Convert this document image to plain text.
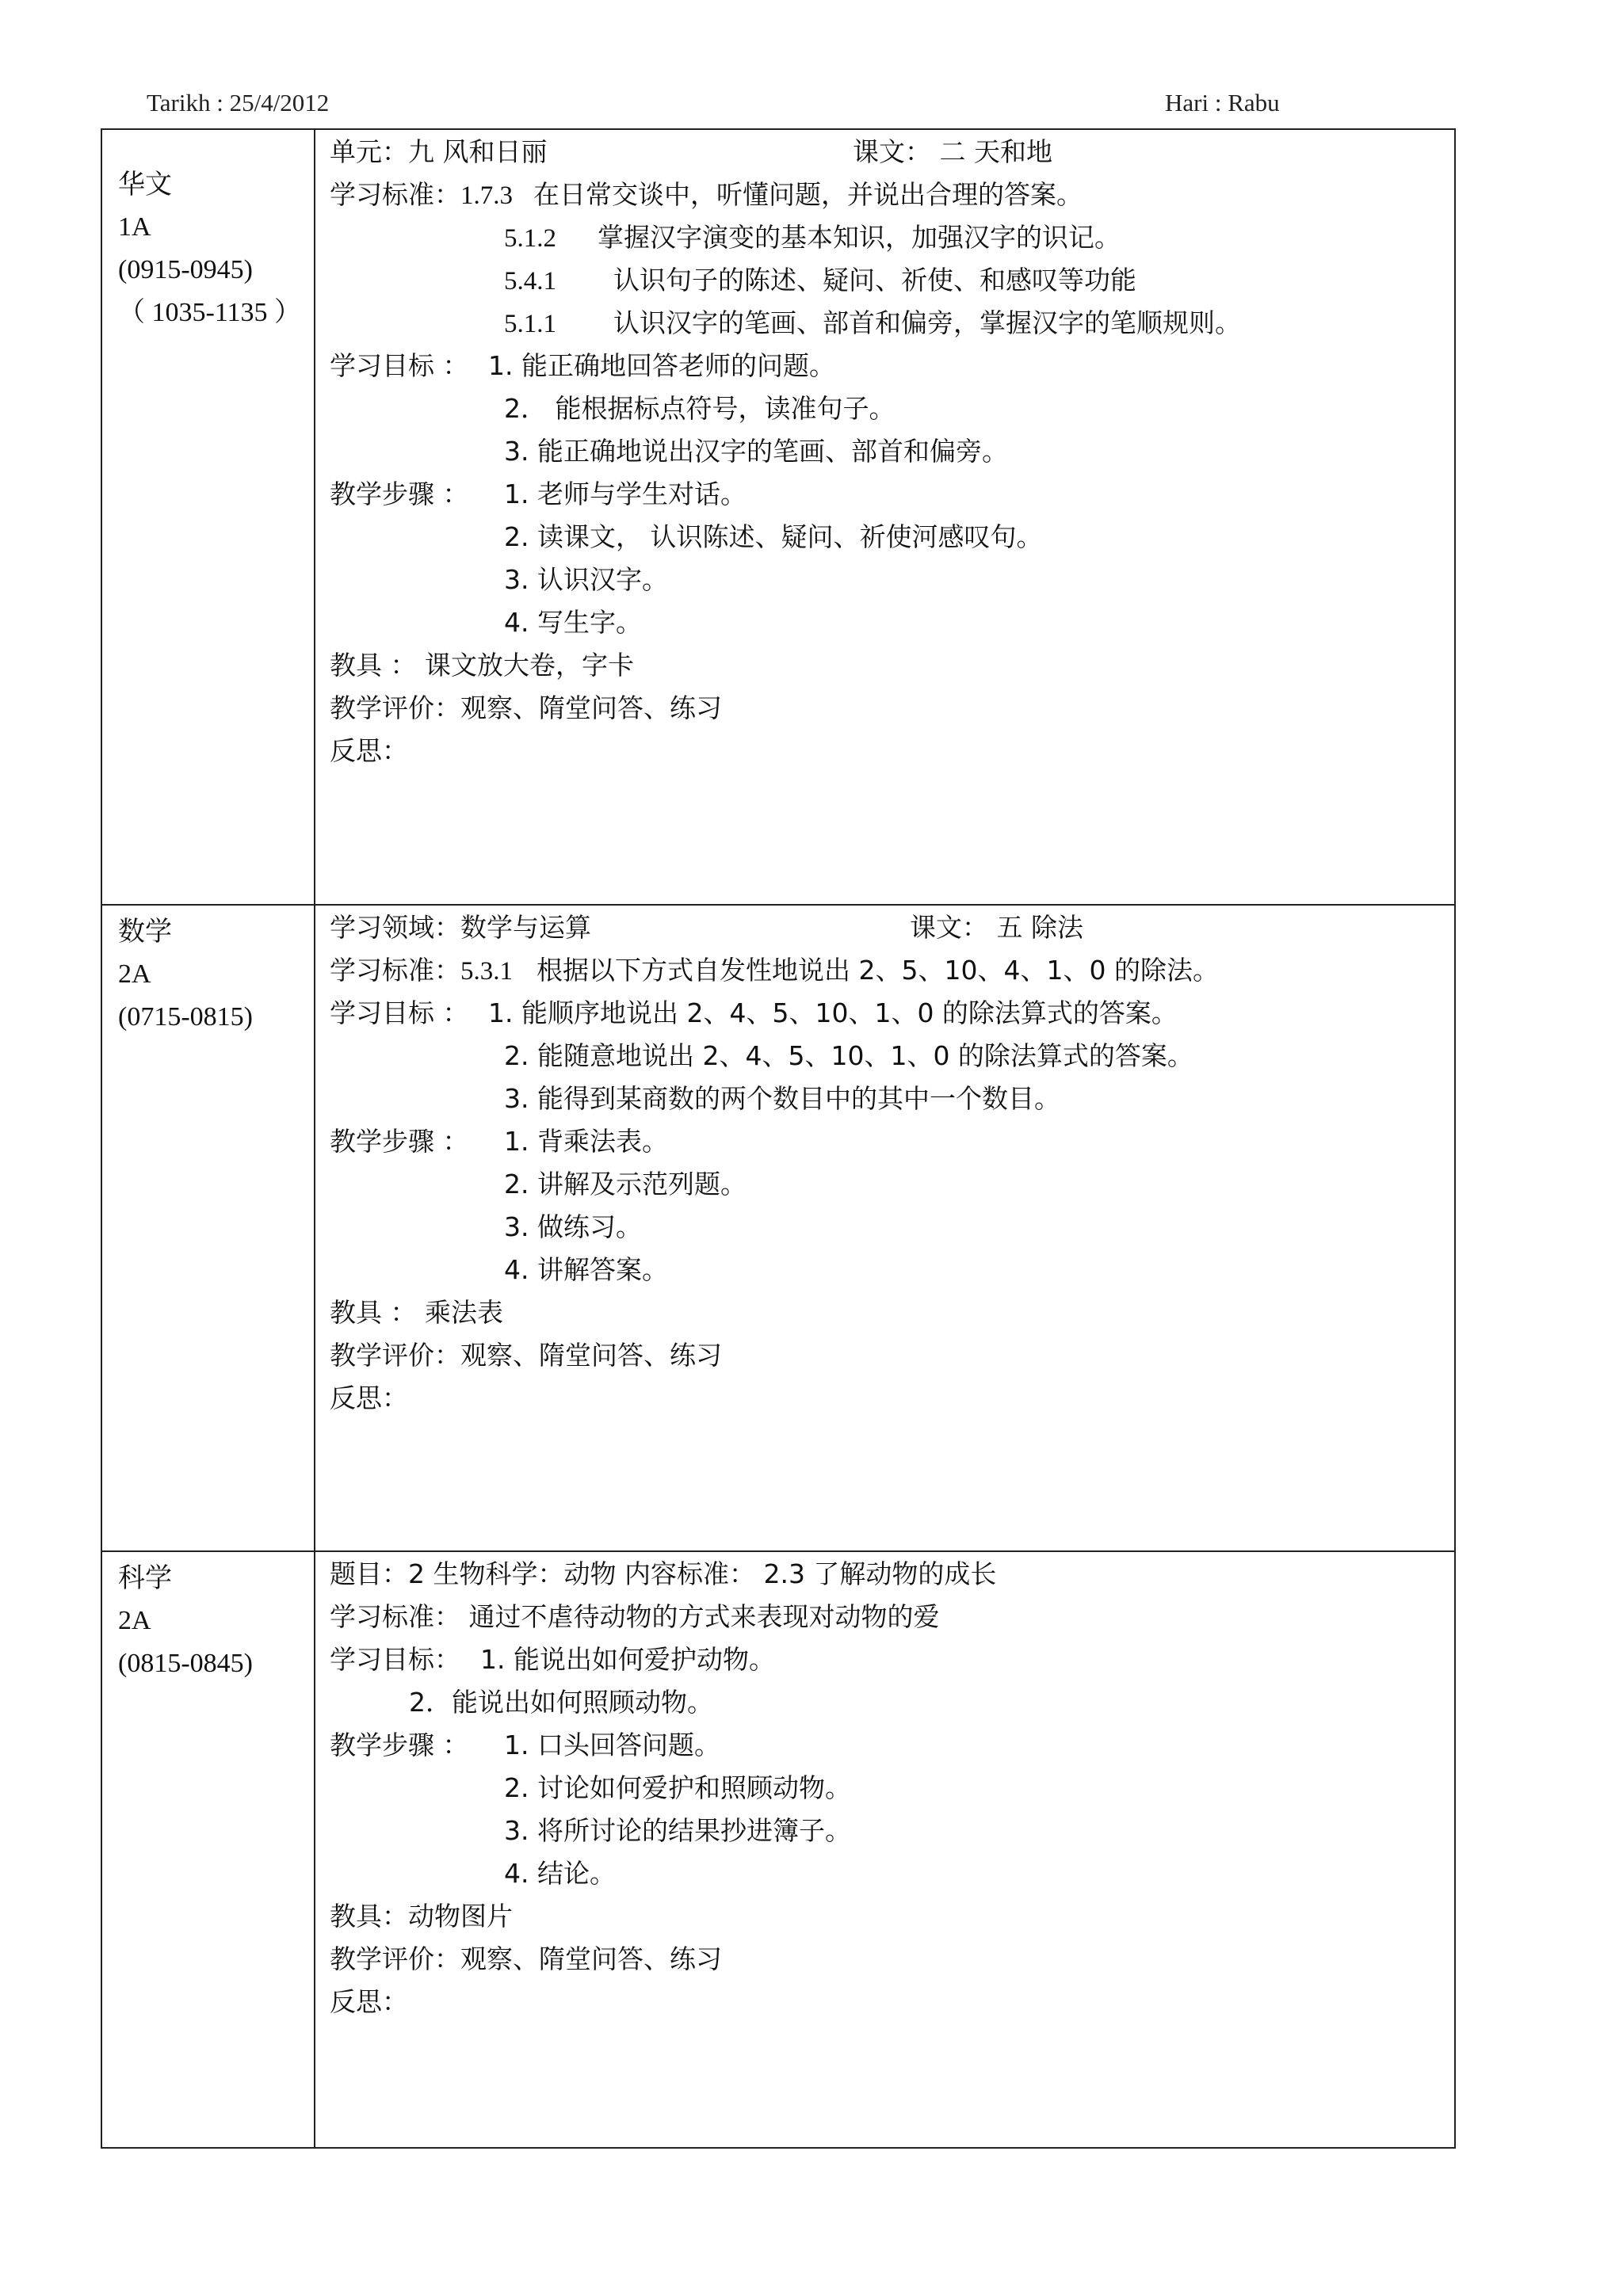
Tarikh : 25/4/2012	Hari : Rabu
华文
1A
(0915-0945)
（ 1035-1135 ）
单元：九 风和日丽	课文： 二 天和地
学习标准：1.7.3 在日常交谈中，听懂问题，并说出合理的答案。
5.1.2 掌握汉字演变的基本知识，加强汉字的识记。
5.4.1 认识句子的陈述、疑问、祈使、和感叹等功能
5.1.1 认识汉字的笔画、部首和偏旁，掌握汉字的笔顺规则。
学习目标 ： 1. 能正确地回答老师的问题。
2． 能根据标点符号，读准句子。
3. 能正确地说出汉字的笔画、部首和偏旁。
教学步骤 ： 1. 老师与学生对话。
2. 读课文， 认识陈述、疑问、祈使河感叹句。
3. 认识汉字。
4. 写生字。
教具 ： 课文放大卷，字卡
教学评价：观察、隋堂问答、练习
反思：
数学
2A
(0715-0815)
学习领域：数学与运算	课文： 五 除法
学习标准：5.3.1 根据以下方式自发性地说出 2、5、10、4、1、0 的除法。
学习目标 ： 1. 能顺序地说出 2、4、5、10、1、0 的除法算式的答案。
2. 能随意地说出 2、4、5、10、1、0 的除法算式的答案。
3. 能得到某商数的两个数目中的其中一个数目。
教学步骤 ： 1. 背乘法表。
2. 讲解及示范列题。
3. 做练习。
4. 讲解答案。
教具 ： 乘法表
教学评价：观察、隋堂问答、练习
反思：
科学
2A
(0815-0845)
题目：2 生物科学：动物 内容标准： 2.3 了解动物的成长
学习标准： 通过不虐待动物的方式来表现对动物的爱
学习目标： 1. 能说出如何爱护动物。
2．能说出如何照顾动物。
教学步骤 ： 1. 口头回答问题。
2. 讨论如何爱护和照顾动物。
3. 将所讨论的结果抄进簿子。
4. 结论。
教具：动物图片
教学评价：观察、隋堂问答、练习
反思：
